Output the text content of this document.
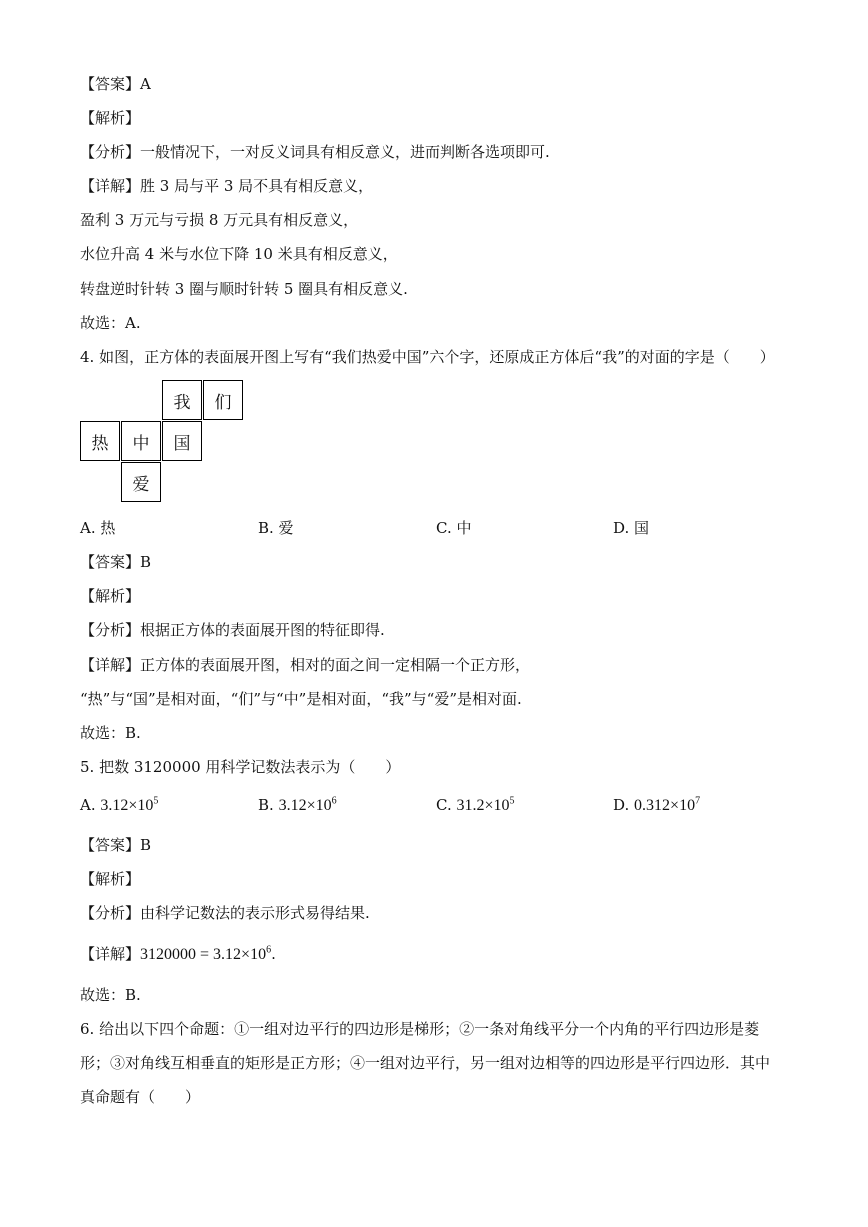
【答案】A
【解析】
【分析】一般情况下，一对反义词具有相反意义，进而判断各选项即可.
【详解】胜 3 局与平 3 局不具有相反意义，
盈利 3 万元与亏损 8 万元具有相反意义，
水位升高 4 米与水位下降 10 米具有相反意义，
转盘逆时针转 3 圈与顺时针转 5 圈具有相反意义.
故选：A.
4. 如图，正方体的表面展开图上写有“我们热爱中国”六个字，还原成正方体后“我”的对面的字是（　　）
我	们
热	中	国
爱
A. 热	B. 爱	C. 中	D. 国
【答案】B
【解析】
【分析】根据正方体的表面展开图的特征即得.
【详解】正方体的表面展开图，相对的面之间一定相隔一个正方形，
“热”与“国”是相对面，“们”与“中”是相对面，“我”与“爱”是相对面.
故选：B.
5. 把数 3120000 用科学记数法表示为（　　）
A. $3.12\times 10^5$	B. $3.12\times 10^6$	C. $31.2\times 10^5$	D. $0.312\times 10^7$
【答案】B
【解析】
【分析】由科学记数法的表示形式易得结果.
【详解】$3120000 = 3.12\times 10^6$.
故选：B.
6. 给出以下四个命题：①一组对边平行的四边形是梯形；②一条对角线平分一个内角的平行四边形是菱
形；③对角线互相垂直的矩形是正方形；④一组对边平行，另一组对边相等的四边形是平行四边形．其中
真命题有（　　）
